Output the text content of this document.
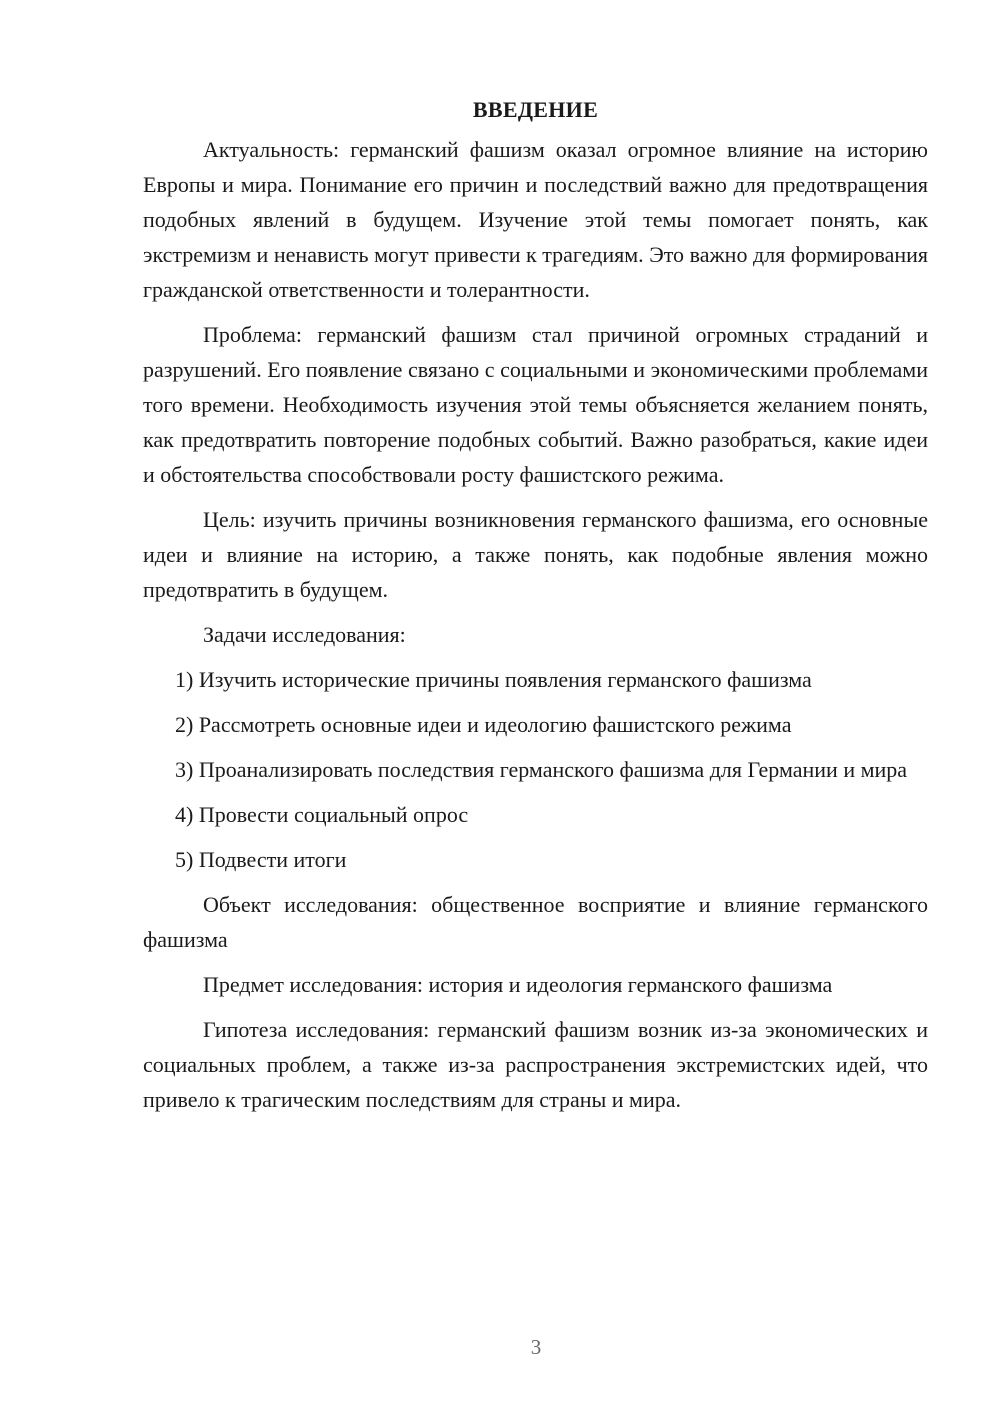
ВВЕДЕНИЕ

Актуальность: германский фашизм оказал огромное влияние на историю Европы и мира. Понимание его причин и последствий важно для предотвращения подобных явлений в будущем. Изучение этой темы помогает понять, как экстремизм и ненависть могут привести к трагедиям. Это важно для формирования гражданской ответственности и толерантности.

Проблема: германский фашизм стал причиной огромных страданий и разрушений. Его появление связано с социальными и экономическими проблемами того времени. Необходимость изучения этой темы объясняется желанием понять, как предотвратить повторение подобных событий. Важно разобраться, какие идеи и обстоятельства способствовали росту фашистского режима.

Цель: изучить причины возникновения германского фашизма, его основные идеи и влияние на историю, а также понять, как подобные явления можно предотвратить в будущем.

Задачи исследования:

1) Изучить исторические причины появления германского фашизма

2) Рассмотреть основные идеи и идеологию фашистского режима

3) Проанализировать последствия германского фашизма для Германии и мира

4) Провести социальный опрос

5) Подвести итоги

Объект исследования: общественное восприятие и влияние германского фашизма

Предмет исследования: история и идеология германского фашизма

Гипотеза исследования: германский фашизм возник из-за экономических и социальных проблем, а также из-за распространения экстремистских идей, что привело к трагическим последствиям для страны и мира.

3
